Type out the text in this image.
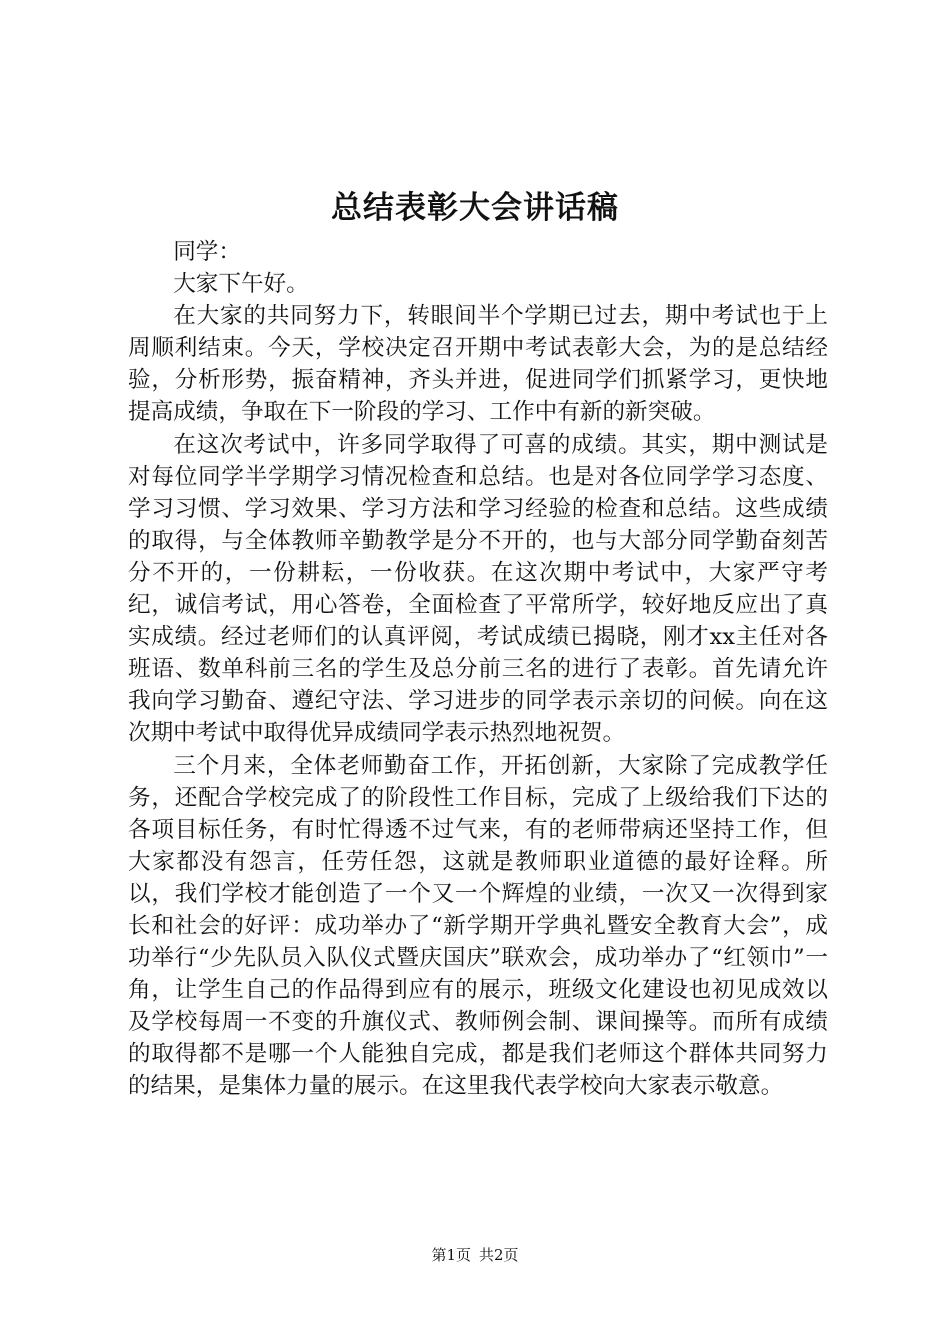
总结表彰大会讲话稿

同学：

大家下午好。

在大家的共同努力下，转眼间半个学期已过去，期中考试也于上周顺利结束。今天，学校决定召开期中考试表彰大会，为的是总结经验，分析形势，振奋精神，齐头并进，促进同学们抓紧学习，更快地提高成绩，争取在下一阶段的学习、工作中有新的新突破。

在这次考试中，许多同学取得了可喜的成绩。其实，期中测试是对每位同学半学期学习情况检查和总结。也是对各位同学学习态度、学习习惯、学习效果、学习方法和学习经验的检查和总结。这些成绩的取得，与全体教师辛勤教学是分不开的，也与大部分同学勤奋刻苦分不开的，一份耕耘，一份收获。在这次期中考试中，大家严守考纪，诚信考试，用心答卷，全面检查了平常所学，较好地反应出了真实成绩。经过老师们的认真评阅，考试成绩已揭晓，刚才xx主任对各班语、数单科前三名的学生及总分前三名的进行了表彰。首先请允许我向学习勤奋、遵纪守法、学习进步的同学表示亲切的问候。向在这次期中考试中取得优异成绩同学表示热烈地祝贺。

三个月来，全体老师勤奋工作，开拓创新，大家除了完成教学任务，还配合学校完成了的阶段性工作目标，完成了上级给我们下达的各项目标任务，有时忙得透不过气来，有的老师带病还坚持工作，但大家都没有怨言，任劳任怨，这就是教师职业道德的最好诠释。所以，我们学校才能创造了一个又一个辉煌的业绩，一次又一次得到家长和社会的好评：成功举办了“新学期开学典礼暨安全教育大会”，成功举行“少先队员入队仪式暨庆国庆”联欢会，成功举办了“红领巾”一角，让学生自己的作品得到应有的展示，班级文化建设也初见成效以及学校每周一不变的升旗仪式、教师例会制、课间操等。而所有成绩的取得都不是哪一个人能独自完成，都是我们老师这个群体共同努力的结果，是集体力量的展示。在这里我代表学校向大家表示敬意。

第1页 共2页
